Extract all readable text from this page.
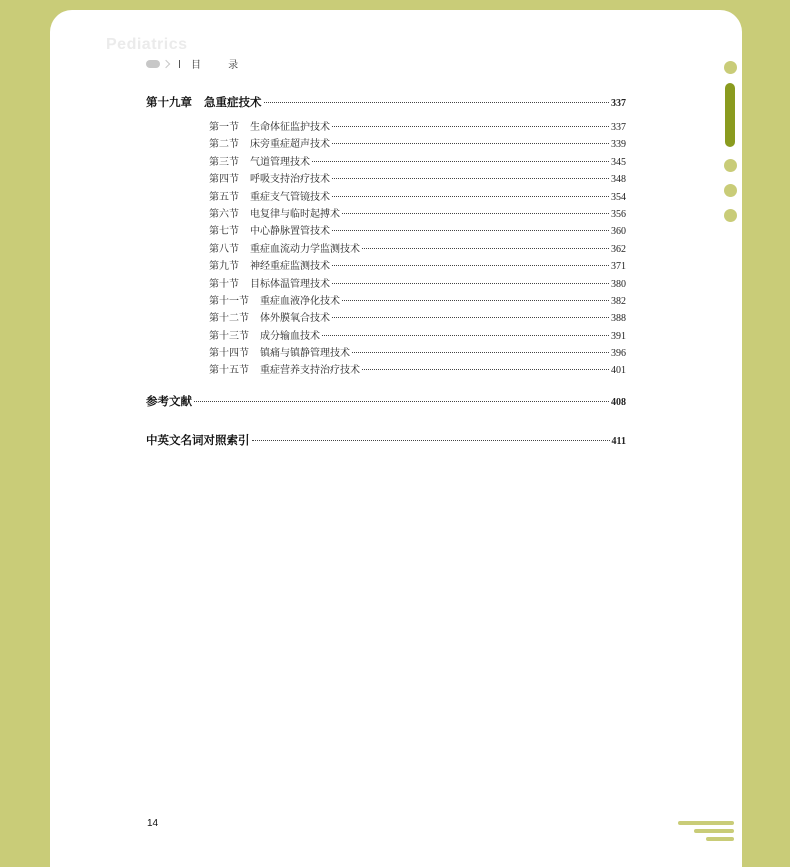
Pediatrics
目 录
第十九章 急重症技术	337
第一节 生命体征监护技术	337
第二节 床旁重症超声技术	339
第三节 气道管理技术	345
第四节 呼吸支持治疗技术	348
第五节 重症支气管镜技术	354
第六节 电复律与临时起搏术	356
第七节 中心静脉置管技术	360
第八节 重症血流动力学监测技术	362
第九节 神经重症监测技术	371
第十节 目标体温管理技术	380
第十一节 重症血液净化技术	382
第十二节 体外膜氧合技术	388
第十三节 成分输血技术	391
第十四节 镇痛与镇静管理技术	396
第十五节 重症营养支持治疗技术	401
参考文献	408
中英文名词对照索引	411
14
